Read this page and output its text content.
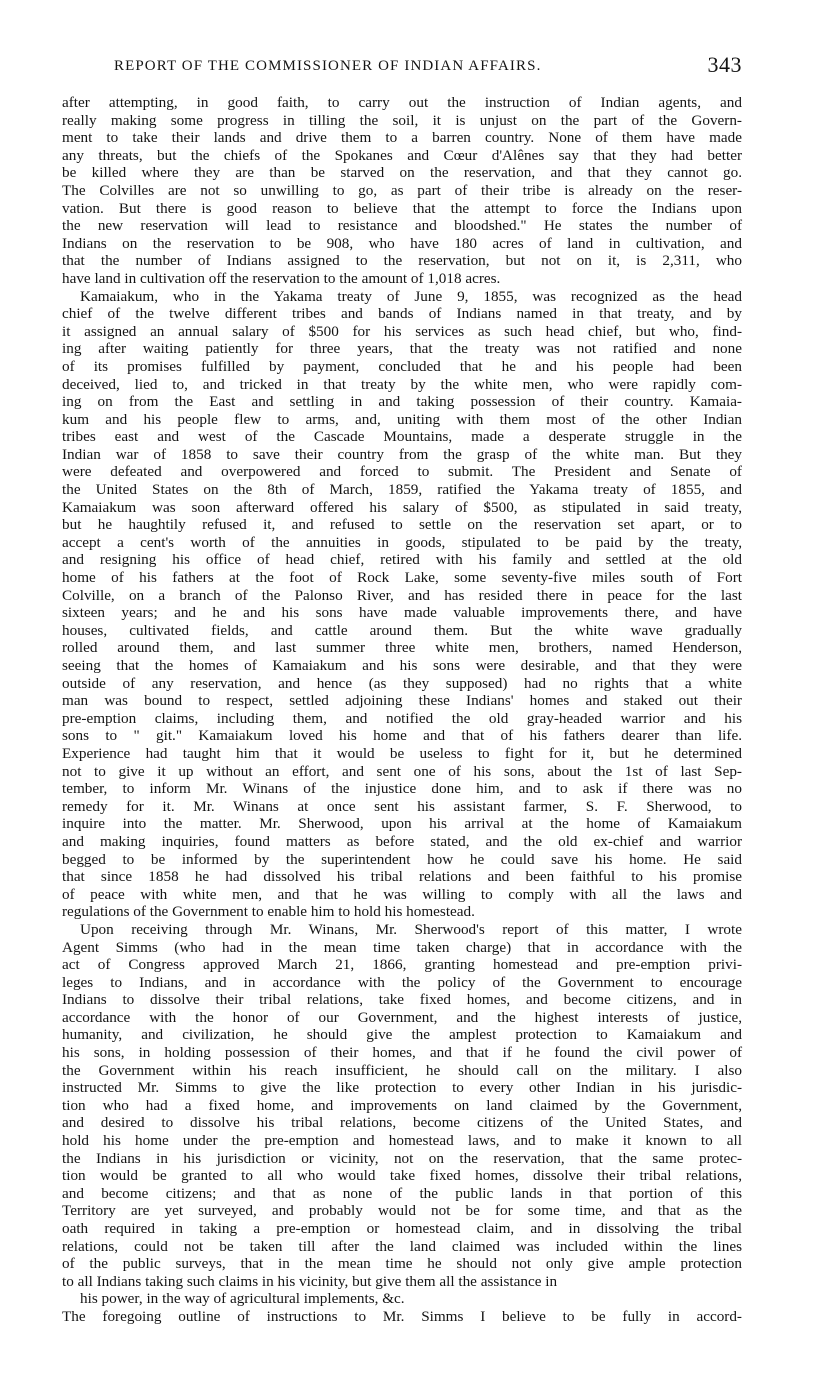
REPORT OF THE COMMISSIONER OF INDIAN AFFAIRS.	343
after attempting, in good faith, to carry out the instruction of Indian agents, and
really making some progress in tilling the soil, it is unjust on the part of the Govern-
ment to take their lands and drive them to a barren country. None of them have made
any threats, but the chiefs of the Spokanes and Cœur d'Alênes say that they had better
be killed where they are than be starved on the reservation, and that they cannot go.
The Colvilles are not so unwilling to go, as part of their tribe is already on the reser-
vation. But there is good reason to believe that the attempt to force the Indians upon
the new reservation will lead to resistance and bloodshed." He states the number of
Indians on the reservation to be 908, who have 180 acres of land in cultivation, and
that the number of Indians assigned to the reservation, but not on it, is 2,311, who
have land in cultivation off the reservation to the amount of 1,018 acres.
Kamaiakum, who in the Yakama treaty of June 9, 1855, was recognized as the head
chief of the twelve different tribes and bands of Indians named in that treaty, and by
it assigned an annual salary of $500 for his services as such head chief, but who, find-
ing after waiting patiently for three years, that the treaty was not ratified and none
of its promises fulfilled by payment, concluded that he and his people had been
deceived, lied to, and tricked in that treaty by the white men, who were rapidly com-
ing on from the East and settling in and taking possession of their country. Kamaia-
kum and his people flew to arms, and, uniting with them most of the other Indian
tribes east and west of the Cascade Mountains, made a desperate struggle in the
Indian war of 1858 to save their country from the grasp of the white man. But they
were defeated and overpowered and forced to submit. The President and Senate of
the United States on the 8th of March, 1859, ratified the Yakama treaty of 1855, and
Kamaiakum was soon afterward offered his salary of $500, as stipulated in said treaty,
but he haughtily refused it, and refused to settle on the reservation set apart, or to
accept a cent's worth of the annuities in goods, stipulated to be paid by the treaty,
and resigning his office of head chief, retired with his family and settled at the old
home of his fathers at the foot of Rock Lake, some seventy-five miles south of Fort
Colville, on a branch of the Palonso River, and has resided there in peace for the last
sixteen years; and he and his sons have made valuable improvements there, and have
houses, cultivated fields, and cattle around them. But the white wave gradually
rolled around them, and last summer three white men, brothers, named Henderson,
seeing that the homes of Kamaiakum and his sons were desirable, and that they were
outside of any reservation, and hence (as they supposed) had no rights that a white
man was bound to respect, settled adjoining these Indians' homes and staked out their
pre-emption claims, including them, and notified the old gray-headed warrior and his
sons to " git." Kamaiakum loved his home and that of his fathers dearer than life.
Experience had taught him that it would be useless to fight for it, but he determined
not to give it up without an effort, and sent one of his sons, about the 1st of last Sep-
tember, to inform Mr. Winans of the injustice done him, and to ask if there was no
remedy for it. Mr. Winans at once sent his assistant farmer, S. F. Sherwood, to
inquire into the matter. Mr. Sherwood, upon his arrival at the home of Kamaiakum
and making inquiries, found matters as before stated, and the old ex-chief and warrior
begged to be informed by the superintendent how he could save his home. He said
that since 1858 he had dissolved his tribal relations and been faithful to his promise
of peace with white men, and that he was willing to comply with all the laws and
regulations of the Government to enable him to hold his homestead.
Upon receiving through Mr. Winans, Mr. Sherwood's report of this matter, I wrote
Agent Simms (who had in the mean time taken charge) that in accordance with the
act of Congress approved March 21, 1866, granting homestead and pre-emption privi-
leges to Indians, and in accordance with the policy of the Government to encourage
Indians to dissolve their tribal relations, take fixed homes, and become citizens, and in
accordance with the honor of our Government, and the highest interests of justice,
humanity, and civilization, he should give the amplest protection to Kamaiakum and
his sons, in holding possession of their homes, and that if he found the civil power of
the Government within his reach insufficient, he should call on the military. I also
instructed Mr. Simms to give the like protection to every other Indian in his jurisdic-
tion who had a fixed home, and improvements on land claimed by the Government,
and desired to dissolve his tribal relations, become citizens of the United States, and
hold his home under the pre-emption and homestead laws, and to make it known to all
the Indians in his jurisdiction or vicinity, not on the reservation, that the same protec-
tion would be granted to all who would take fixed homes, dissolve their tribal relations,
and become citizens; and that as none of the public lands in that portion of this
Territory are yet surveyed, and probably would not be for some time, and that as the
oath required in taking a pre-emption or homestead claim, and in dissolving the tribal
relations, could not be taken till after the land claimed was included within the lines
of the public surveys, that in the mean time he should not only give ample protection
to all Indians taking such claims in his vicinity, but give them all the assistance in
his power, in the way of agricultural implements, &c.
The foregoing outline of instructions to Mr. Simms I believe to be fully in accord-
